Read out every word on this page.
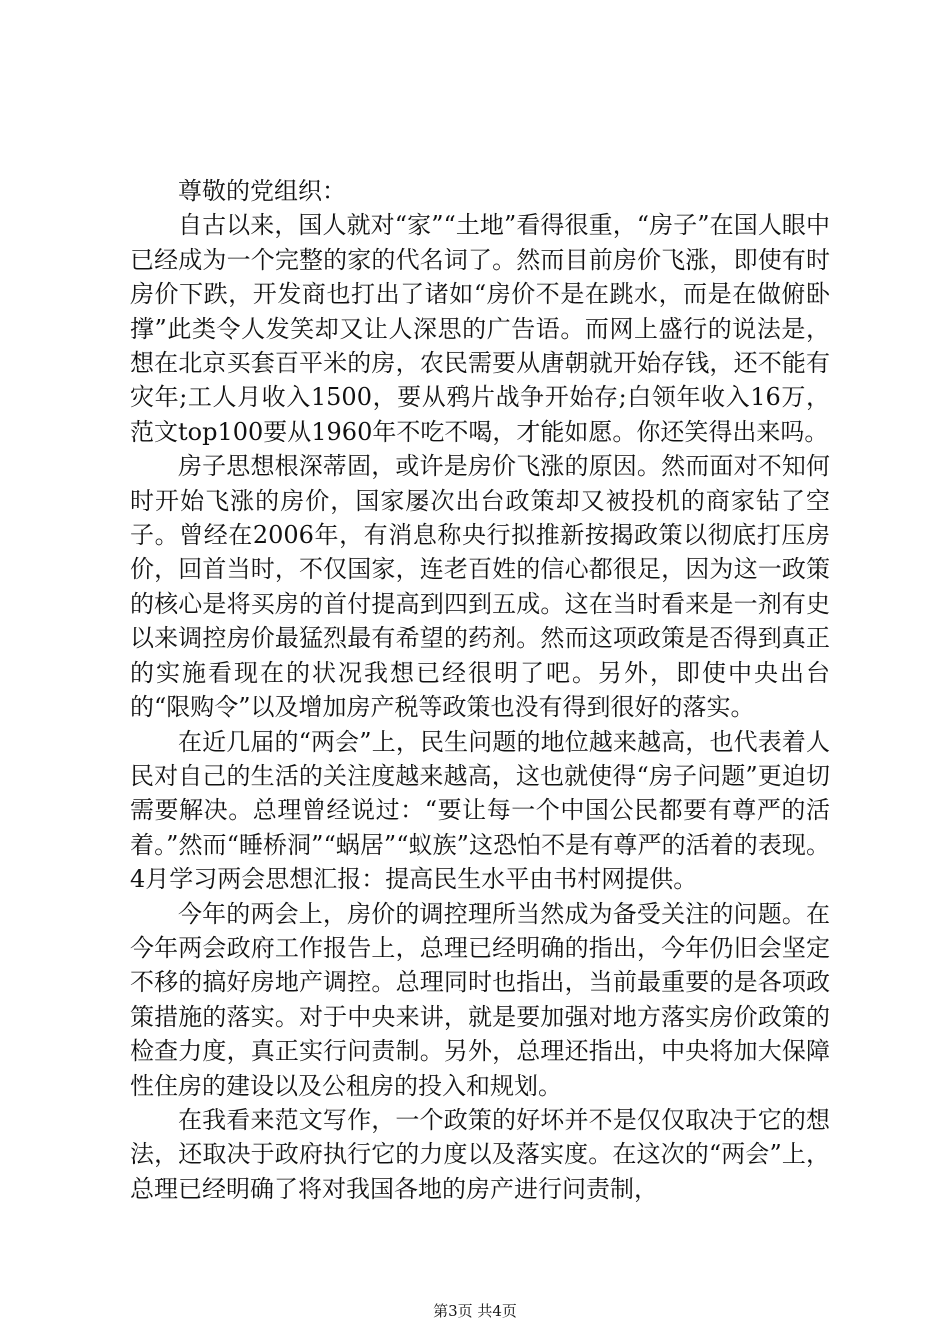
尊敬的党组织：

自古以来，国人就对“家”“土地”看得很重，“房子”在国人眼中已经成为一个完整的家的代名词了。然而目前房价飞涨，即使有时房价下跌，开发商也打出了诸如“房价不是在跳水，而是在做俯卧撑”此类令人发笑却又让人深思的广告语。而网上盛行的说法是，想在北京买套百平米的房，农民需要从唐朝就开始存钱，还不能有灾年;工人月收入1500，要从鸦片战争开始存;白领年收入16万，范文top100要从1960年不吃不喝，才能如愿。你还笑得出来吗。

房子思想根深蒂固，或许是房价飞涨的原因。然而面对不知何时开始飞涨的房价，国家屡次出台政策却又被投机的商家钻了空子。曾经在2006年，有消息称央行拟推新按揭政策以彻底打压房价，回首当时，不仅国家，连老百姓的信心都很足，因为这一政策的核心是将买房的首付提高到四到五成。这在当时看来是一剂有史以来调控房价最猛烈最有希望的药剂。然而这项政策是否得到真正的实施看现在的状况我想已经很明了吧。另外，即使中央出台的“限购令”以及增加房产税等政策也没有得到很好的落实。

在近几届的“两会”上，民生问题的地位越来越高，也代表着人民对自己的生活的关注度越来越高，这也就使得“房子问题”更迫切需要解决。总理曾经说过：“要让每一个中国公民都要有尊严的活着。”然而“睡桥洞”“蜗居”“蚁族”这恐怕不是有尊严的活着的表现。4月学习两会思想汇报：提高民生水平由书村网提供。

今年的两会上，房价的调控理所当然成为备受关注的问题。在今年两会政府工作报告上，总理已经明确的指出，今年仍旧会坚定不移的搞好房地产调控。总理同时也指出，当前最重要的是各项政策措施的落实。对于中央来讲，就是要加强对地方落实房价政策的检查力度，真正实行问责制。另外，总理还指出，中央将加大保障性住房的建设以及公租房的投入和规划。

在我看来范文写作，一个政策的好坏并不是仅仅取决于它的想法，还取决于政府执行它的力度以及落实度。在这次的“两会”上，总理已经明确了将对我国各地的房产进行问责制，

第3页 共4页
